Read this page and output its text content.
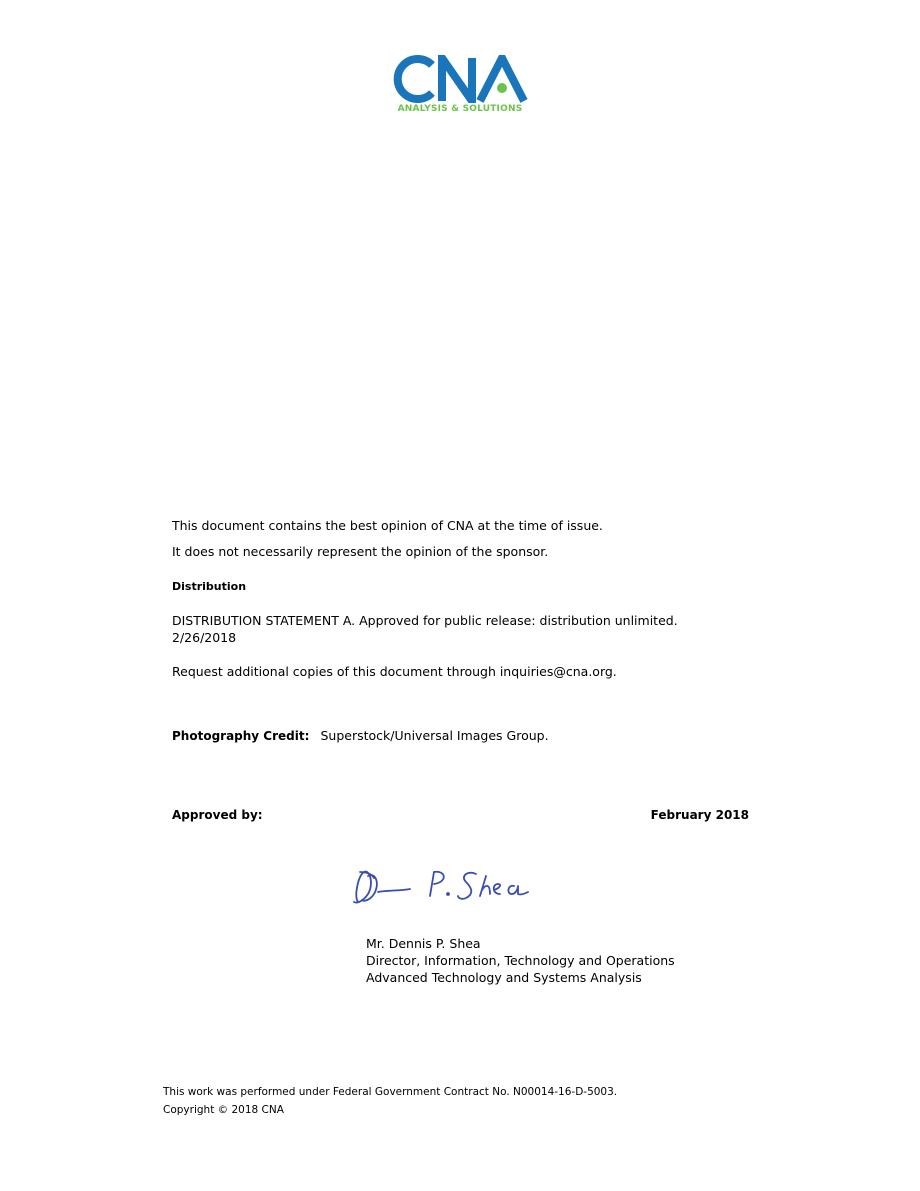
ANALYSIS & SOLUTIONS

This document contains the best opinion of CNA at the time of issue.

It does not necessarily represent the opinion of the sponsor.

Distribution

DISTRIBUTION STATEMENT A. Approved for public release: distribution unlimited.

2/26/2018

Request additional copies of this document through inquiries@cna.org.

Photography Credit: Superstock/Universal Images Group.

Approved by:	February 2018

Mr. Dennis P. Shea

Director, Information, Technology and Operations

Advanced Technology and Systems Analysis

This work was performed under Federal Government Contract No. N00014-16-D-5003.

Copyright © 2018 CNA
